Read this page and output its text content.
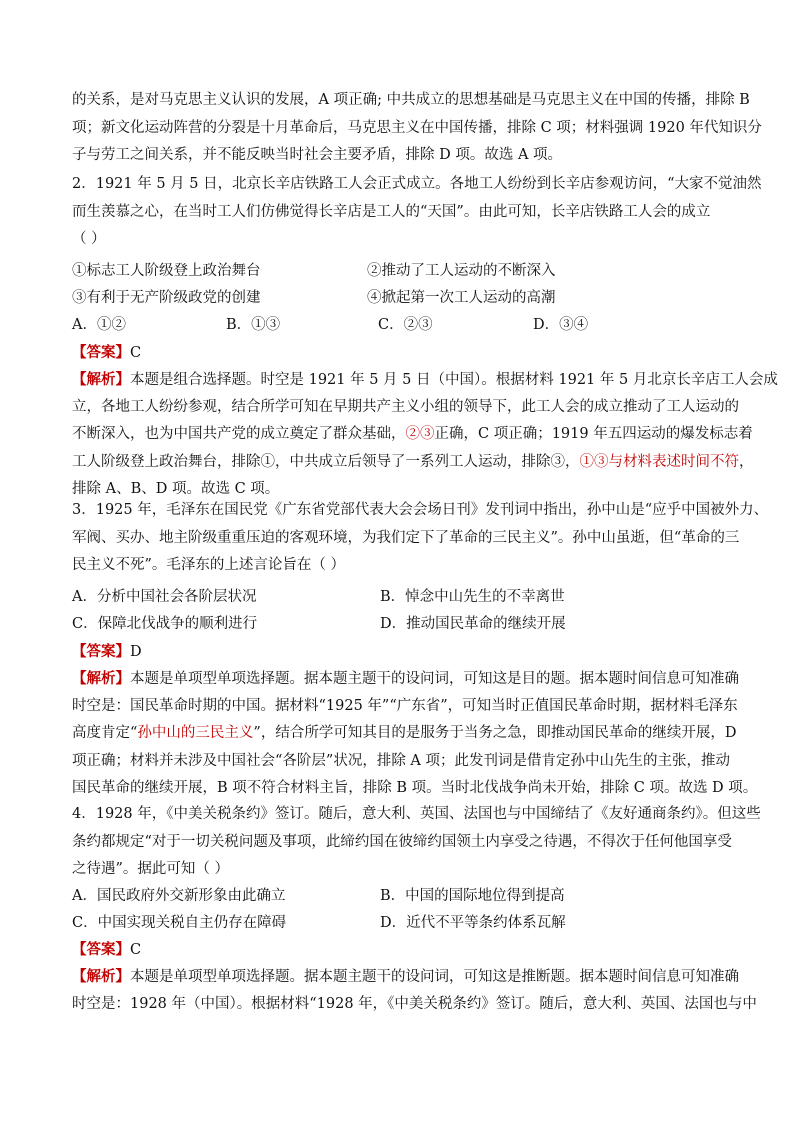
的关系，是对马克思主义认识的发展，A 项正确; 中共成立的思想基础是马克思主义在中国的传播，排除 B
项；新文化运动阵营的分裂是十月革命后，马克思主义在中国传播，排除 C 项；材料强调 1920 年代知识分
子与劳工之间关系，并不能反映当时社会主要矛盾，排除 D 项。故选 A 项。
2．1921 年 5 月 5 日，北京长辛店铁路工人会正式成立。各地工人纷纷到长辛店参观访问，“大家不觉油然
而生羡慕之心，在当时工人们仿佛觉得长辛店是工人的“天国”。由此可知，长辛店铁路工人会的成立
（ ）
①标志工人阶级登上政治舞台	②推动了工人运动的不断深入
③有利于无产阶级政党的创建	④掀起第一次工人运动的高潮
A．①②	B．①③	C．②③	D．③④
【答案】C
【解析】本题是组合选择题。时空是 1921 年 5 月 5 日（中国）。根据材料 1921 年 5 月北京长辛店工人会成
立，各地工人纷纷参观，结合所学可知在早期共产主义小组的领导下，此工人会的成立推动了工人运动的
不断深入，也为中国共产党的成立奠定了群众基础，②③正确，C 项正确；1919 年五四运动的爆发标志着
工人阶级登上政治舞台，排除①，中共成立后领导了一系列工人运动，排除③，①③与材料表述时间不符，
排除 A、B、D 项。故选 C 项。
3．1925 年，毛泽东在国民党《广东省党部代表大会会场日刊》发刊词中指出，孙中山是“应乎中国被外力、
军阀、买办、地主阶级重重压迫的客观环境，为我们定下了革命的三民主义”。孙中山虽逝，但“革命的三
民主义不死”。毛泽东的上述言论旨在（ ）
A．分析中国社会各阶层状况	B．悼念中山先生的不幸离世
C．保障北伐战争的顺利进行	D．推动国民革命的继续开展
【答案】D
【解析】本题是单项型单项选择题。据本题主题干的设问词，可知这是目的题。据本题时间信息可知准确
时空是：国民革命时期的中国。据材料“1925 年”“广东省”，可知当时正值国民革命时期，据材料毛泽东
高度肯定“孙中山的三民主义”，结合所学可知其目的是服务于当务之急，即推动国民革命的继续开展，D
项正确；材料并未涉及中国社会“各阶层”状况，排除 A 项；此发刊词是借肯定孙中山先生的主张，推动
国民革命的继续开展，B 项不符合材料主旨，排除 B 项。当时北伐战争尚未开始，排除 C 项。故选 D 项。
4．1928 年，《中美关税条约》签订。随后，意大利、英国、法国也与中国缔结了《友好通商条约》。但这些
条约都规定“对于一切关税问题及事项，此缔约国在彼缔约国领土内享受之待遇，不得次于任何他国享受
之待遇”。据此可知（ ）
A．国民政府外交新形象由此确立	B．中国的国际地位得到提高
C．中国实现关税自主仍存在障碍	D．近代不平等条约体系瓦解
【答案】C
【解析】本题是单项型单项选择题。据本题主题干的设问词，可知这是推断题。据本题时间信息可知准确
时空是：1928 年（中国）。根据材料“1928 年，《中美关税条约》签订。随后，意大利、英国、法国也与中
